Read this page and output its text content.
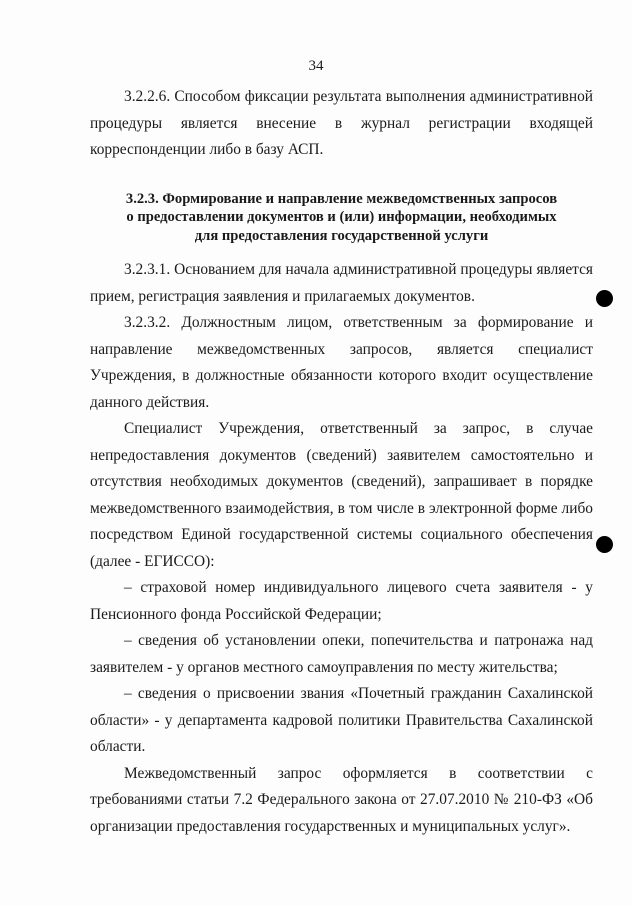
34

3.2.2.6. Способом фиксации результата выполнения административной процедуры является внесение в журнал регистрации входящей корреспонденции либо в базу АСП.

3.2.3. Формирование и направление межведомственных запросов
о предоставлении документов и (или) информации, необходимых
для предоставления государственной услуги

3.2.3.1. Основанием для начала административной процедуры является прием, регистрация заявления и прилагаемых документов.

3.2.3.2. Должностным лицом, ответственным за формирование и направление межведомственных запросов, является специалист Учреждения, в должностные обязанности которого входит осуществление данного действия.

Специалист Учреждения, ответственный за запрос, в случае непредоставления документов (сведений) заявителем самостоятельно и отсутствия необходимых документов (сведений), запрашивает в порядке межведомственного взаимодействия, в том числе в электронной форме либо посредством Единой государственной системы социального обеспечения (далее - ЕГИССО):

– страховой номер индивидуального лицевого счета заявителя - у Пенсионного фонда Российской Федерации;

– сведения об установлении опеки, попечительства и патронажа над заявителем - у органов местного самоуправления по месту жительства;

– сведения о присвоении звания «Почетный гражданин Сахалинской области» - у департамента кадровой политики Правительства Сахалинской области.

Межведомственный запрос оформляется в соответствии с требованиями статьи 7.2 Федерального закона от 27.07.2010 № 210-ФЗ «Об организации предоставления государственных и муниципальных услуг».
